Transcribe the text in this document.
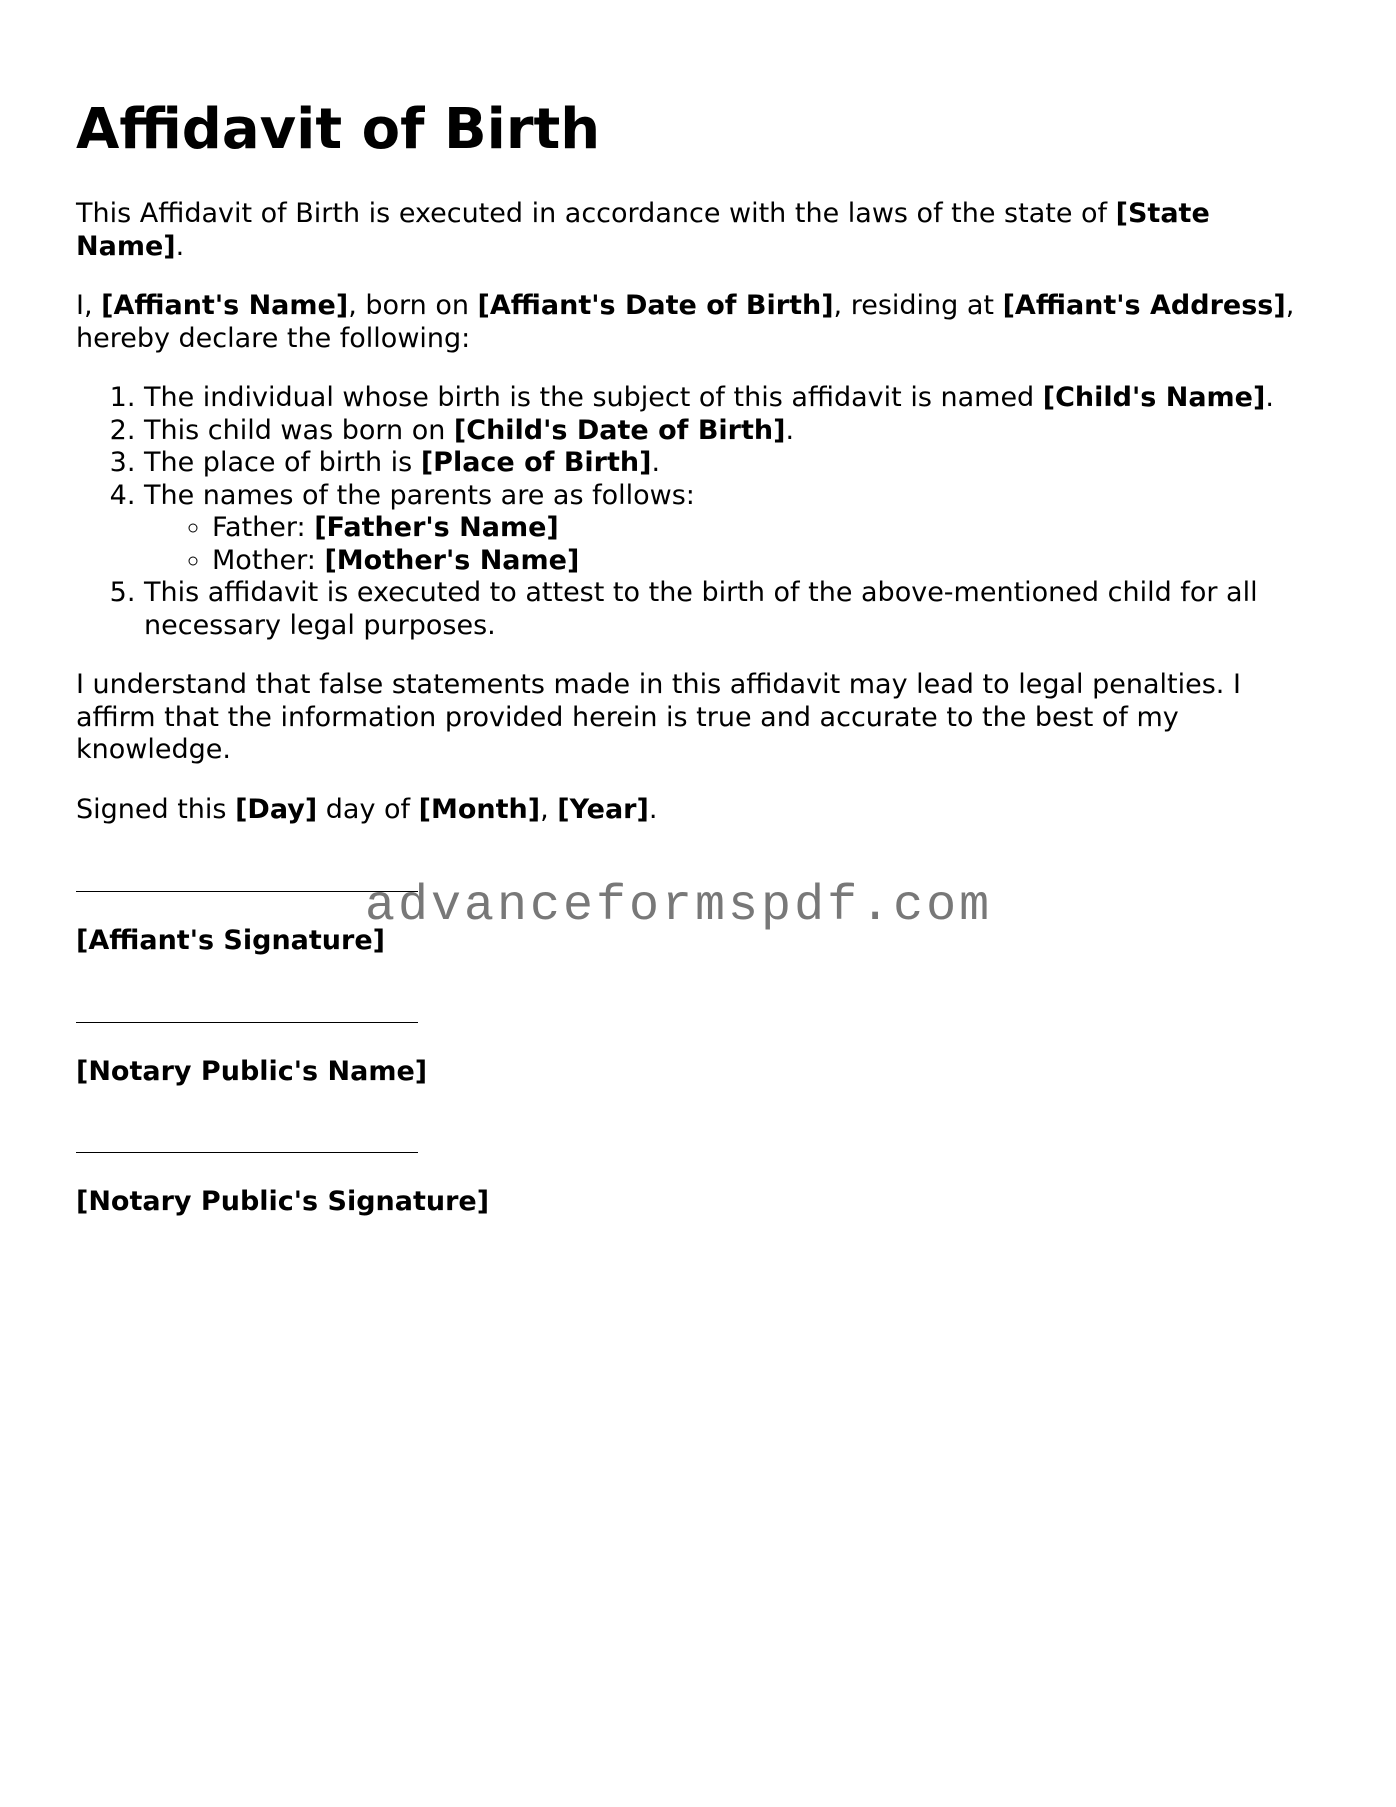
Affidavit of Birth

This Affidavit of Birth is executed in accordance with the laws of the state of [State Name].

I, [Affiant's Name], born on [Affiant's Date of Birth], residing at [Affiant's Address], hereby declare the following:

1. The individual whose birth is the subject of this affidavit is named [Child's Name].
2. This child was born on [Child's Date of Birth].
3. The place of birth is [Place of Birth].
4. The names of the parents are as follows:
◦ Father: [Father's Name]
◦ Mother: [Mother's Name]
5. This affidavit is executed to attest to the birth of the above-mentioned child for all necessary legal purposes.

I understand that false statements made in this affidavit may lead to legal penalties. I affirm that the information provided herein is true and accurate to the best of my knowledge.

Signed this [Day] day of [Month], [Year].

[Affiant's Signature]
[Notary Public's Name]
[Notary Public's Signature]
advanceformspdf.com
